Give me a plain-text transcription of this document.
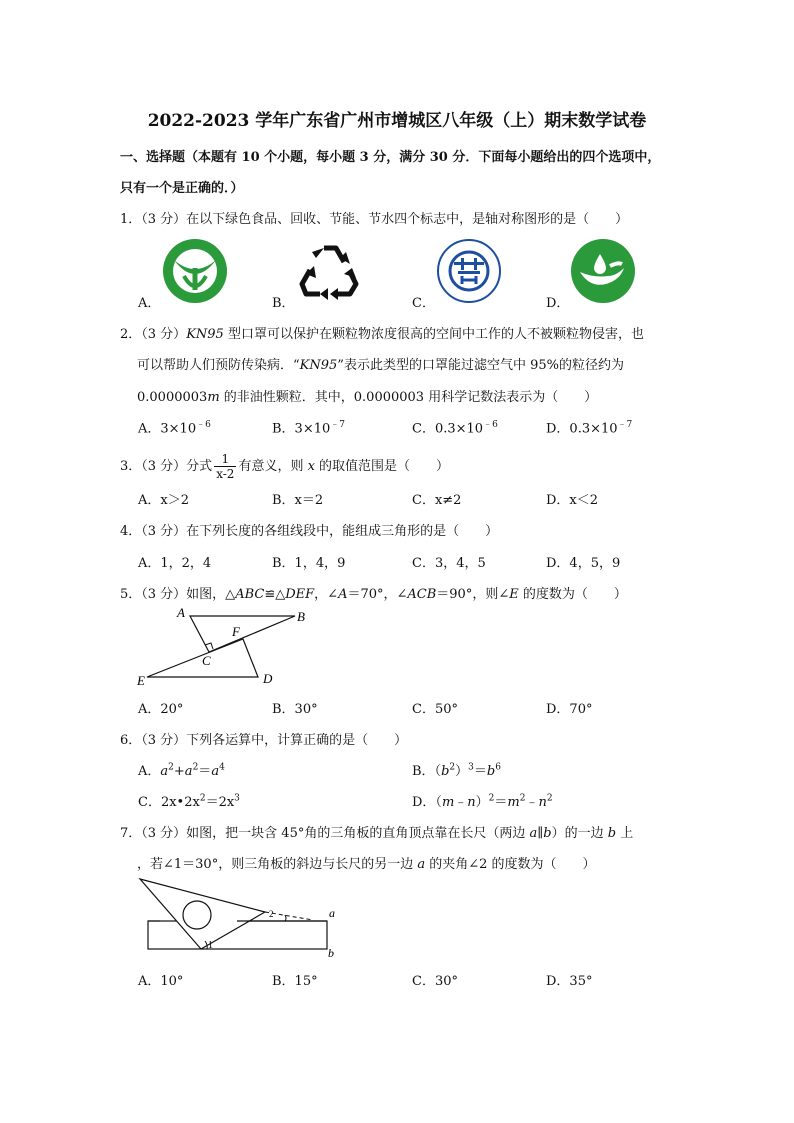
2022-2023 学年广东省广州市增城区八年级（上）期末数学试卷
一、选择题（本题有 10 个小题，每小题 3 分，满分 30 分．下面每小题给出的四个选项中，
只有一个是正确的．）
1．（3 分）在以下绿色食品、回收、节能、节水四个标志中，是轴对称图形的是（　　）
A．	B．	C．	D．
2．（3 分）KN95 型口罩可以保护在颗粒物浓度很高的空间中工作的人不被颗粒物侵害，也
可以帮助人们预防传染病．“KN95”表示此类型的口罩能过滤空气中 95%的粒径约为
0.0000003m 的非油性颗粒．其中，0.0000003 用科学记数法表示为（　　）
A．$3\times 10^{﹣6}$	B．$3\times 10^{﹣7}$	C．$0.3\times 10^{﹣6}$	D．$0.3\times 10^{﹣7}$
3．（3 分）分式 $\frac{1}{x-2}$ 有意义，则 x 的取值范围是（　　）
A．x＞2	B．x＝2	C．x≠2	D．x＜2
4．（3 分）在下列长度的各组线段中，能组成三角形的是（　　）
A．1，2，4	B．1，4，9	C．3，4，5	D．4，5，9
5．（3 分）如图，△ABC≌△DEF，∠A＝70°，∠ACB＝90°，则∠E 的度数为（　　）
A	B
C
D
E
F
A．20°	B．30°	C．50°	D．70°
6．（3 分）下列各运算中，计算正确的是（　　）
A．$a^2+a^2=a^4$	B．$(b^2)^3=b^6$
C．$2x•2x^2=2x^3$	D．$(m﹣n)^2=m^2﹣n^2$
7．（3 分）如图，把一块含 45°角的三角板的直角顶点靠在长尺（两边 a∥b）的一边 b 上
，若∠1＝30°，则三角板的斜边与长尺的另一边 a 的夹角∠2 的度数为（　　）
a
b
1
2
A．10°	B．15°	C．30°	D．35°
